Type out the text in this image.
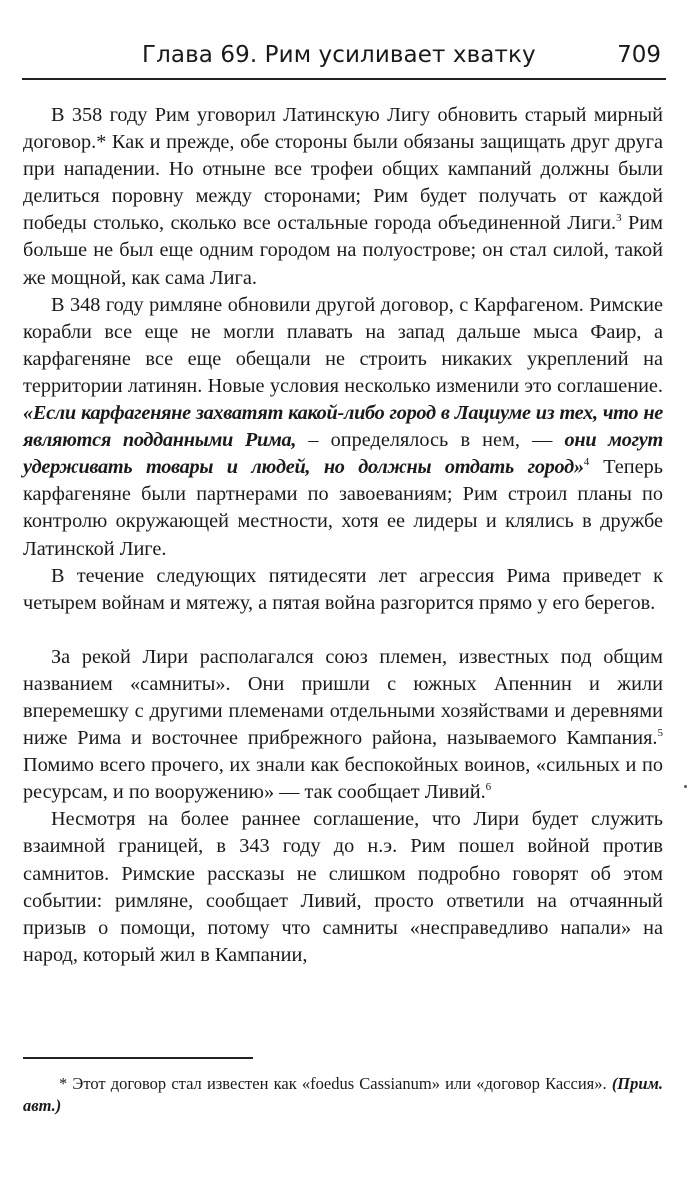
Глава 69. Рим усиливает хватку	709

В 358 году Рим уговорил Латинскую Лигу обновить старый мирный договор.* Как и прежде, обе стороны были обязаны защищать друг друга при нападении. Но отныне все трофеи общих кампаний должны были делиться поровну между сторонами; Рим будет получать от каждой победы столько, сколько все остальные города объединенной Лиги.$^3$ Рим больше не был еще одним городом на полуострове; он стал силой, такой же мощной, как сама Лига.

В 348 году римляне обновили другой договор, с Карфагеном. Римские корабли все еще не могли плавать на запад дальше мыса Фаир, а карфагеняне все еще обещали не строить никаких укреплений на территории латинян. Новые условия несколько изменили это соглашение. «Если карфагеняне захватят какой-либо город в Лациуме из тех, что не являются подданными Рима, – определялось в нем, — они могут удерживать товары и людей, но должны отдать город»$^4$ Теперь карфагеняне были партнерами по завоеваниям; Рим строил планы по контролю окружающей местности, хотя ее лидеры и клялись в дружбе Латинской Лиге.

В течение следующих пятидесяти лет агрессия Рима приведет к четырем войнам и мятежу, а пятая война разгорится прямо у его берегов.

За рекой Лири располагался союз племен, известных под общим названием «самниты». Они пришли с южных Апеннин и жили вперемешку с другими племенами отдельными хозяйствами и деревнями ниже Рима и восточнее прибрежного района, называемого Кампания.$^5$ Помимо всего прочего, их знали как беспокойных воинов, «сильных и по ресурсам, и по вооружению» — так сообщает Ливий.$^6$

Несмотря на более раннее соглашение, что Лири будет служить взаимной границей, в 343 году до н.э. Рим пошел войной против самнитов. Римские рассказы не слишком подробно говорят об этом событии: римляне, сообщает Ливий, просто ответили на отчаянный призыв о помощи, потому что самниты «несправедливо напали» на народ, который жил в Кампании,

* Этот договор стал известен как «foedus Cassianum» или «договор Кассия». (Прим. авт.)
